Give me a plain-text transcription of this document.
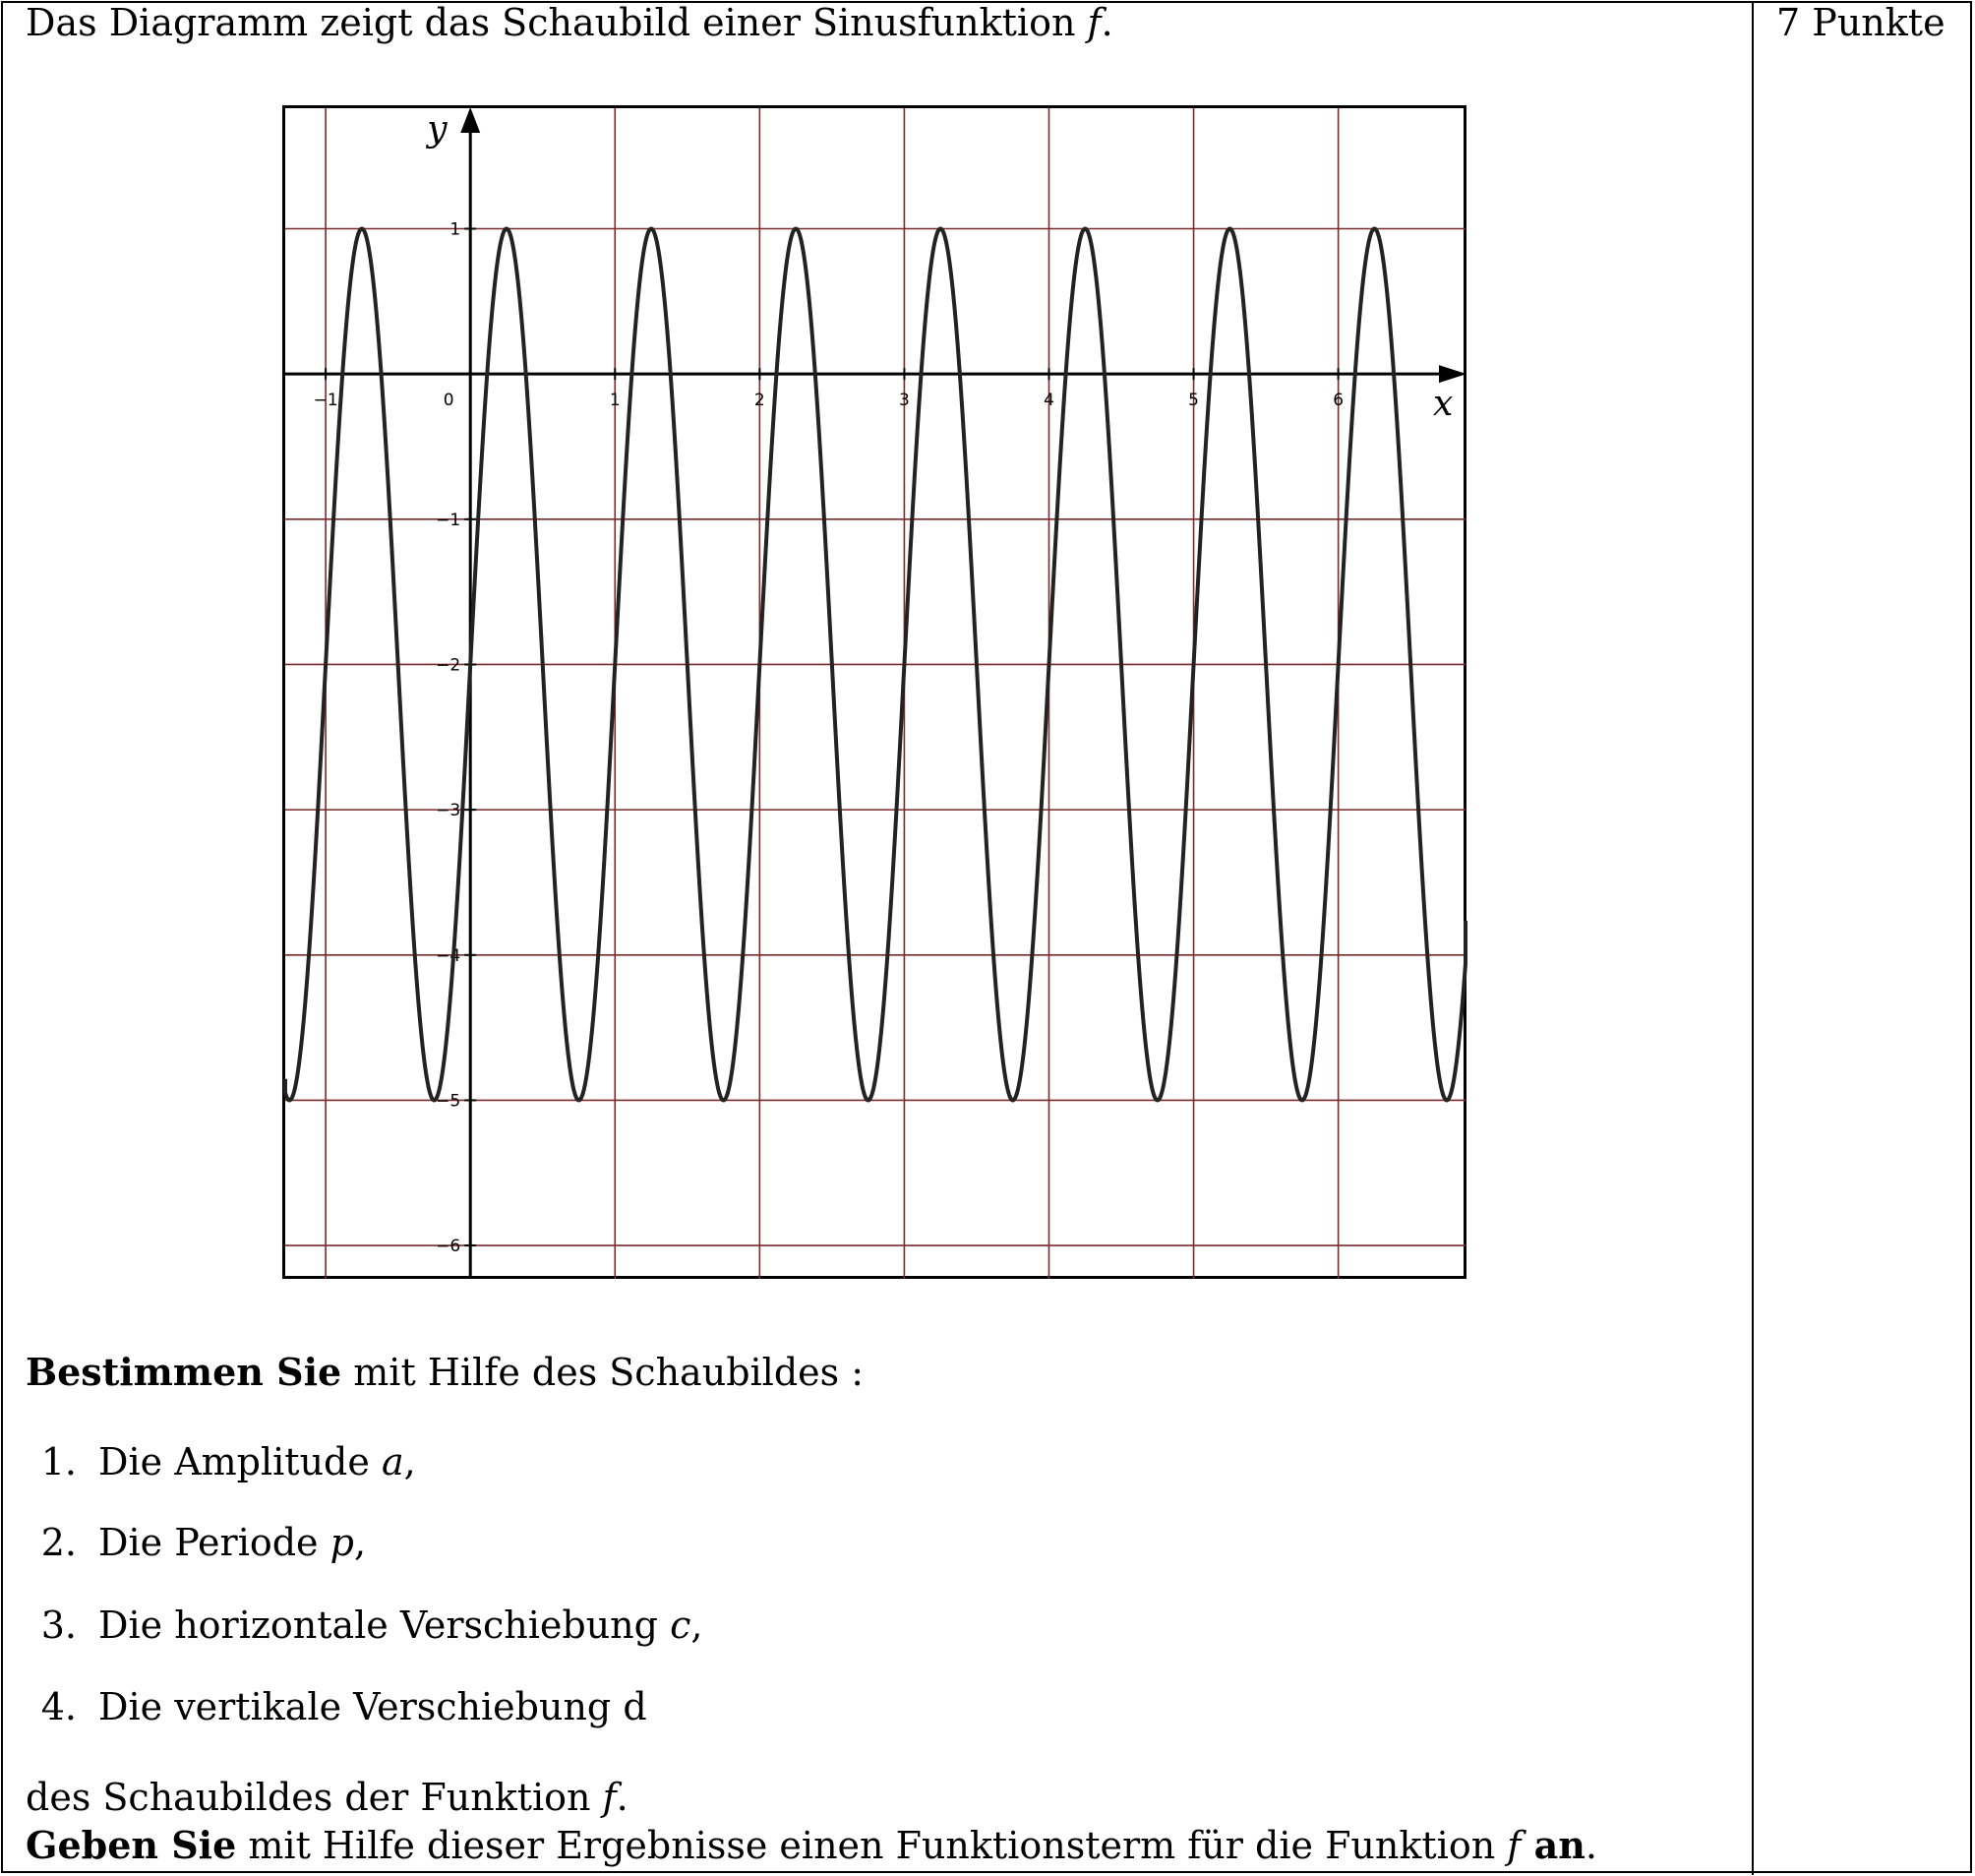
Das Diagramm zeigt das Schaubild einer Sinusfunktion f.	7 Punkte
−1	0	1	2	3	4	5	6
1
−1
−2
−3
−4
−5
−6
x
y
Bestimmen Sie mit Hilfe des Schaubildes :
1. Die Amplitude a,
2. Die Periode p,
3. Die horizontale Verschiebung c,
4. Die vertikale Verschiebung d
des Schaubildes der Funktion f.
Geben Sie mit Hilfe dieser Ergebnisse einen Funktionsterm für die Funktion f an.
